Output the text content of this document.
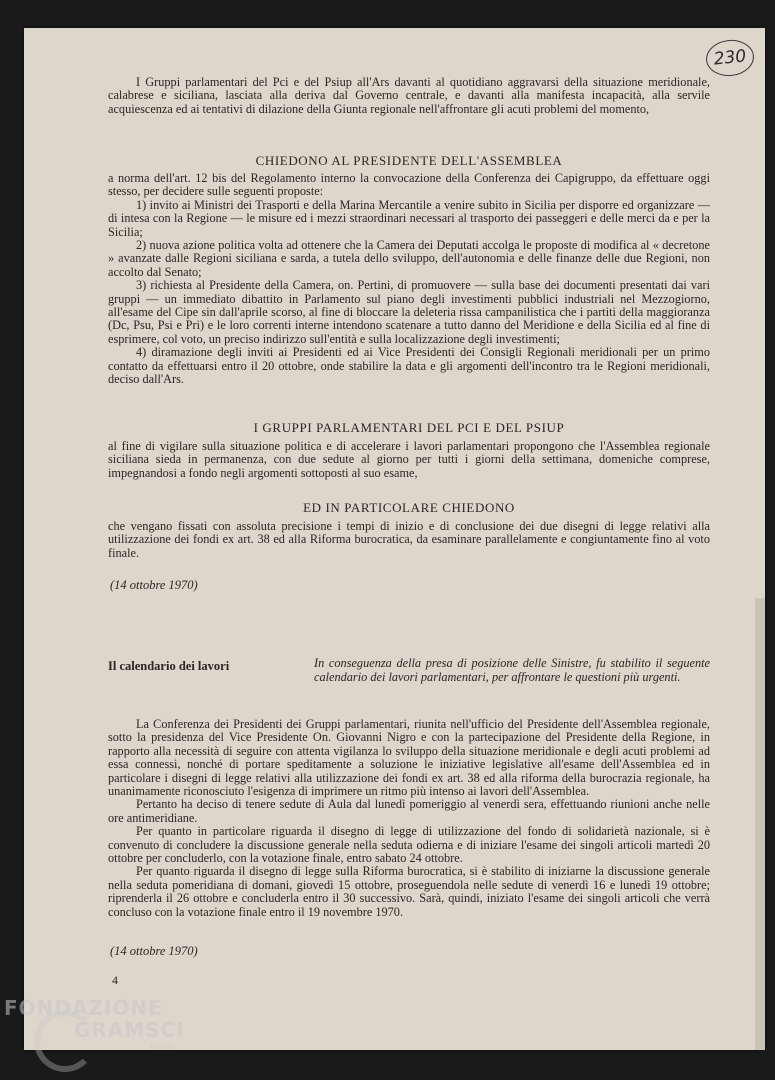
230

I Gruppi parlamentari del Pci e del Psiup all'Ars davanti al quotidiano aggravarsi della situazione meridionale, calabrese e siciliana, lasciata alla deriva dal Governo centrale, e davanti alla manifesta incapacità, alla servile acquiescenza ed ai tentativi di dilazione della Giunta regionale nell'affrontare gli acuti problemi del momento,

CHIEDONO AL PRESIDENTE DELL'ASSEMBLEA

a norma dell'art. 12 bis del Regolamento interno la convocazione della Conferenza dei Capigruppo, da effettuare oggi stesso, per decidere sulle seguenti proposte:

1) invito ai Ministri dei Trasporti e della Marina Mercantile a venire subito in Sicilia per disporre ed organizzare — di intesa con la Regione — le misure ed i mezzi straordinari necessari al trasporto dei passeggeri e delle merci da e per la Sicilia;

2) nuova azione politica volta ad ottenere che la Camera dei Deputati accolga le proposte di modifica al « decretone » avanzate dalle Regioni siciliana e sarda, a tutela dello sviluppo, dell'autonomia e delle finanze delle due Regioni, non accolto dal Senato;

3) richiesta al Presidente della Camera, on. Pertini, di promuovere — sulla base dei documenti presentati dai vari gruppi — un immediato dibattito in Parlamento sul piano degli investimenti pubblici industriali nel Mezzogiorno, all'esame del Cipe sin dall'aprile scorso, al fine di bloccare la deleteria rissa campanilistica che i partiti della maggioranza (Dc, Psu, Psi e Pri) e le loro correnti interne intendono scatenare a tutto danno del Meridione e della Sicilia ed al fine di esprimere, col voto, un preciso indirizzo sull'entità e sulla localizzazione degli investimenti;

4) diramazione degli inviti ai Presidenti ed ai Vice Presidenti dei Consigli Regionali meridionali per un primo contatto da effettuarsi entro il 20 ottobre, onde stabilire la data e gli argomenti dell'incontro tra le Regioni meridionali, deciso dall'Ars.

I GRUPPI PARLAMENTARI DEL PCI E DEL PSIUP

al fine di vigilare sulla situazione politica e di accelerare i lavori parlamentari propongono che l'Assemblea regionale siciliana sieda in permanenza, con due sedute al giorno per tutti i giorni della settimana, domeniche comprese, impegnandosi a fondo negli argomenti sottoposti al suo esame,

ED IN PARTICOLARE CHIEDONO

che vengano fissati con assoluta precisione i tempi di inizio e di conclusione dei due disegni di legge relativi alla utilizzazione dei fondi ex art. 38 ed alla Riforma burocratica, da esaminare parallelamente e congiuntamente fino al voto finale.

(14 ottobre 1970)
Il calendario dei lavori	In conseguenza della presa di posizione delle Sinistre, fu stabilito il seguente calendario dei lavori parlamentari, per affrontare le questioni più urgenti.

La Conferenza dei Presidenti dei Gruppi parlamentari, riunita nell'ufficio del Presidente dell'Assemblea regionale, sotto la presidenza del Vice Presidente On. Giovanni Nigro e con la partecipazione del Presidente della Regione, in rapporto alla necessità di seguire con attenta vigilanza lo sviluppo della situazione meridionale e degli acuti problemi ad essa connessi, nonché di portare speditamente a soluzione le iniziative legislative all'esame dell'Assemblea ed in particolare i disegni di legge relativi alla utilizzazione dei fondi ex art. 38 ed alla riforma della burocrazia regionale, ha unanimamente riconosciuto l'esigenza di imprimere un ritmo più intenso ai lavori dell'Assemblea.

Pertanto ha deciso di tenere sedute di Aula dal lunedì pomeriggio al venerdì sera, effettuando riunioni anche nelle ore antimeridiane.

Per quanto in particolare riguarda il disegno di legge di utilizzazione del fondo di solidarietà nazionale, si è convenuto di concludere la discussione generale nella seduta odierna e di iniziare l'esame dei singoli articoli martedì 20 ottobre per concluderlo, con la votazione finale, entro sabato 24 ottobre.

Per quanto riguarda il disegno di legge sulla Riforma burocratica, si è stabilito di iniziarne la discussione generale nella seduta pomeridiana di domani, giovedì 15 ottobre, proseguendola nelle sedute di venerdì 16 e lunedì 19 ottobre; riprenderla il 26 ottobre e concluderla entro il 30 successivo. Sarà, quindi, iniziato l'esame dei singoli articoli che verrà concluso con la votazione finale entro il 19 novembre 1970.

(14 ottobre 1970)
4
FONDAZIONE
GRAMSCI
onlus
